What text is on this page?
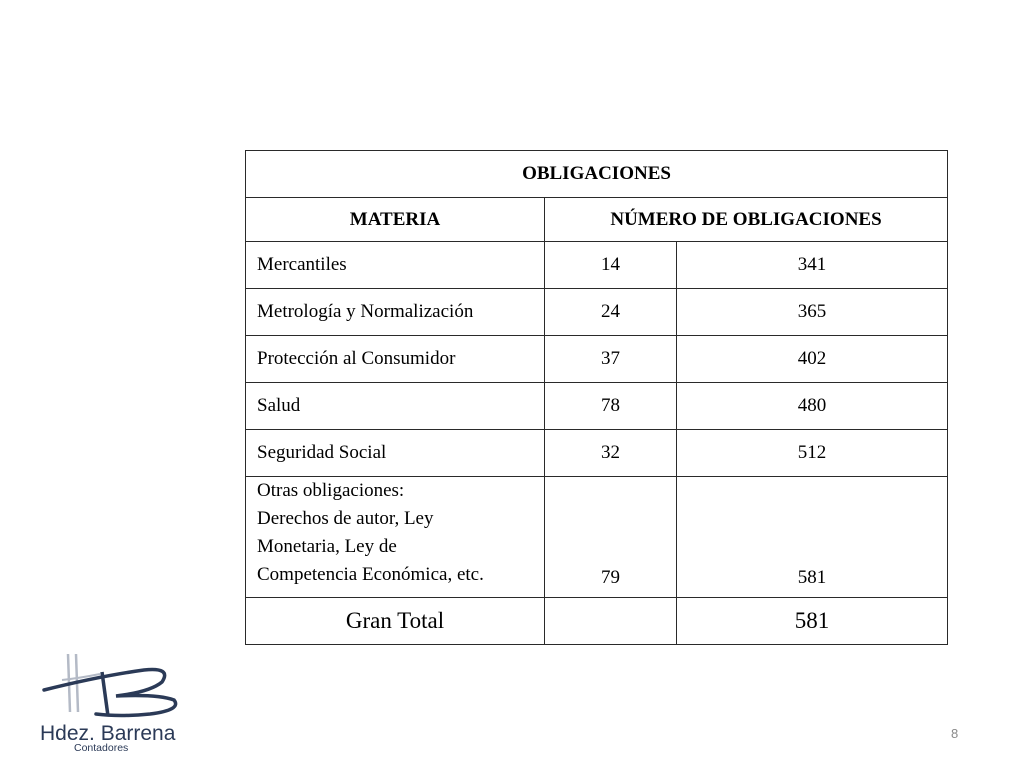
OBLIGACIONES		
MATERIA	NÚMERO DE OBLIGACIONES	
Mercantiles	14	341
Metrología y Normalización	24	365
Protección al Consumidor	37	402
Salud	78	480
Seguridad Social	32	512

Otras obligaciones:
Derechos de autor, Ley
Monetaria, Ley de
Competencia Económica, etc.	79	581
Gran Total		581
Hdez. Barrena
Contadores
8
